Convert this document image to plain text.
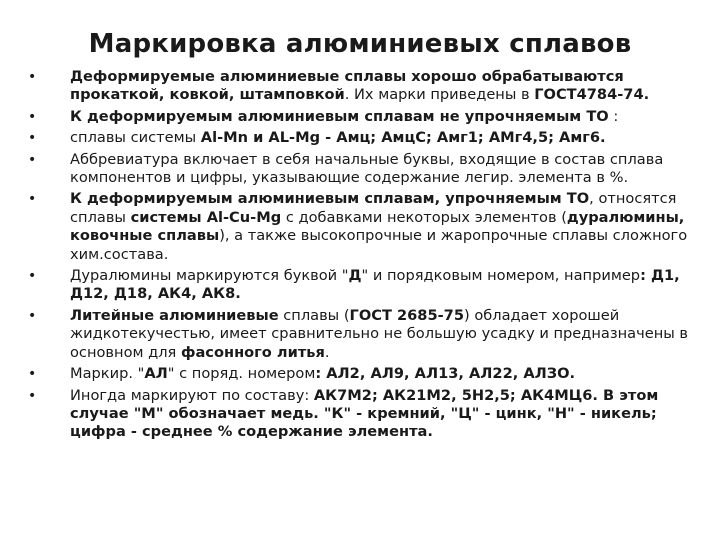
Маркировка алюминиевых сплавов
• Деформируемые алюминиевые сплавы хорошо обрабатываются прокаткой, ковкой, штамповкой. Их марки приведены в ГОСТ4784-74.
• К деформируемым алюминиевым сплавам не упрочняемым ТО :
• сплавы системы Al-Mn и AL-Mg - Амц; АмцС; Амг1; АМг4,5; Амг6.
• Аббревиатура включает в себя начальные буквы, входящие в состав сплава компонентов и цифры, указывающие содержание легир. элемента в %.
• К деформируемым алюминиевым сплавам, упрочняемым ТО, относятся сплавы системы Al-Cu-Mg с добавками некоторых элементов (дуралюмины, ковочные сплавы), а также высокопрочные и жаропрочные сплавы сложного хим.состава.
• Дуралюмины маркируются буквой "Д" и порядковым номером, например: Д1, Д12, Д18, АК4, АК8.
• Литейные алюминиевые сплавы (ГОСТ 2685-75) обладает хорошей жидкотекучестью, имеет сравнительно не большую усадку и предназначены в основном для фасонного литья.
• Маркир. "АЛ" с поряд. номером: АЛ2, АЛ9, АЛ13, АЛ22, АЛЗО.
• Иногда маркируют по составу: АК7М2; АК21М2, 5Н2,5; АК4МЦ6. В этом случае "М" обозначает медь. "К" - кремний, "Ц" - цинк, "Н" - никель; цифра - среднее % содержание элемента.
